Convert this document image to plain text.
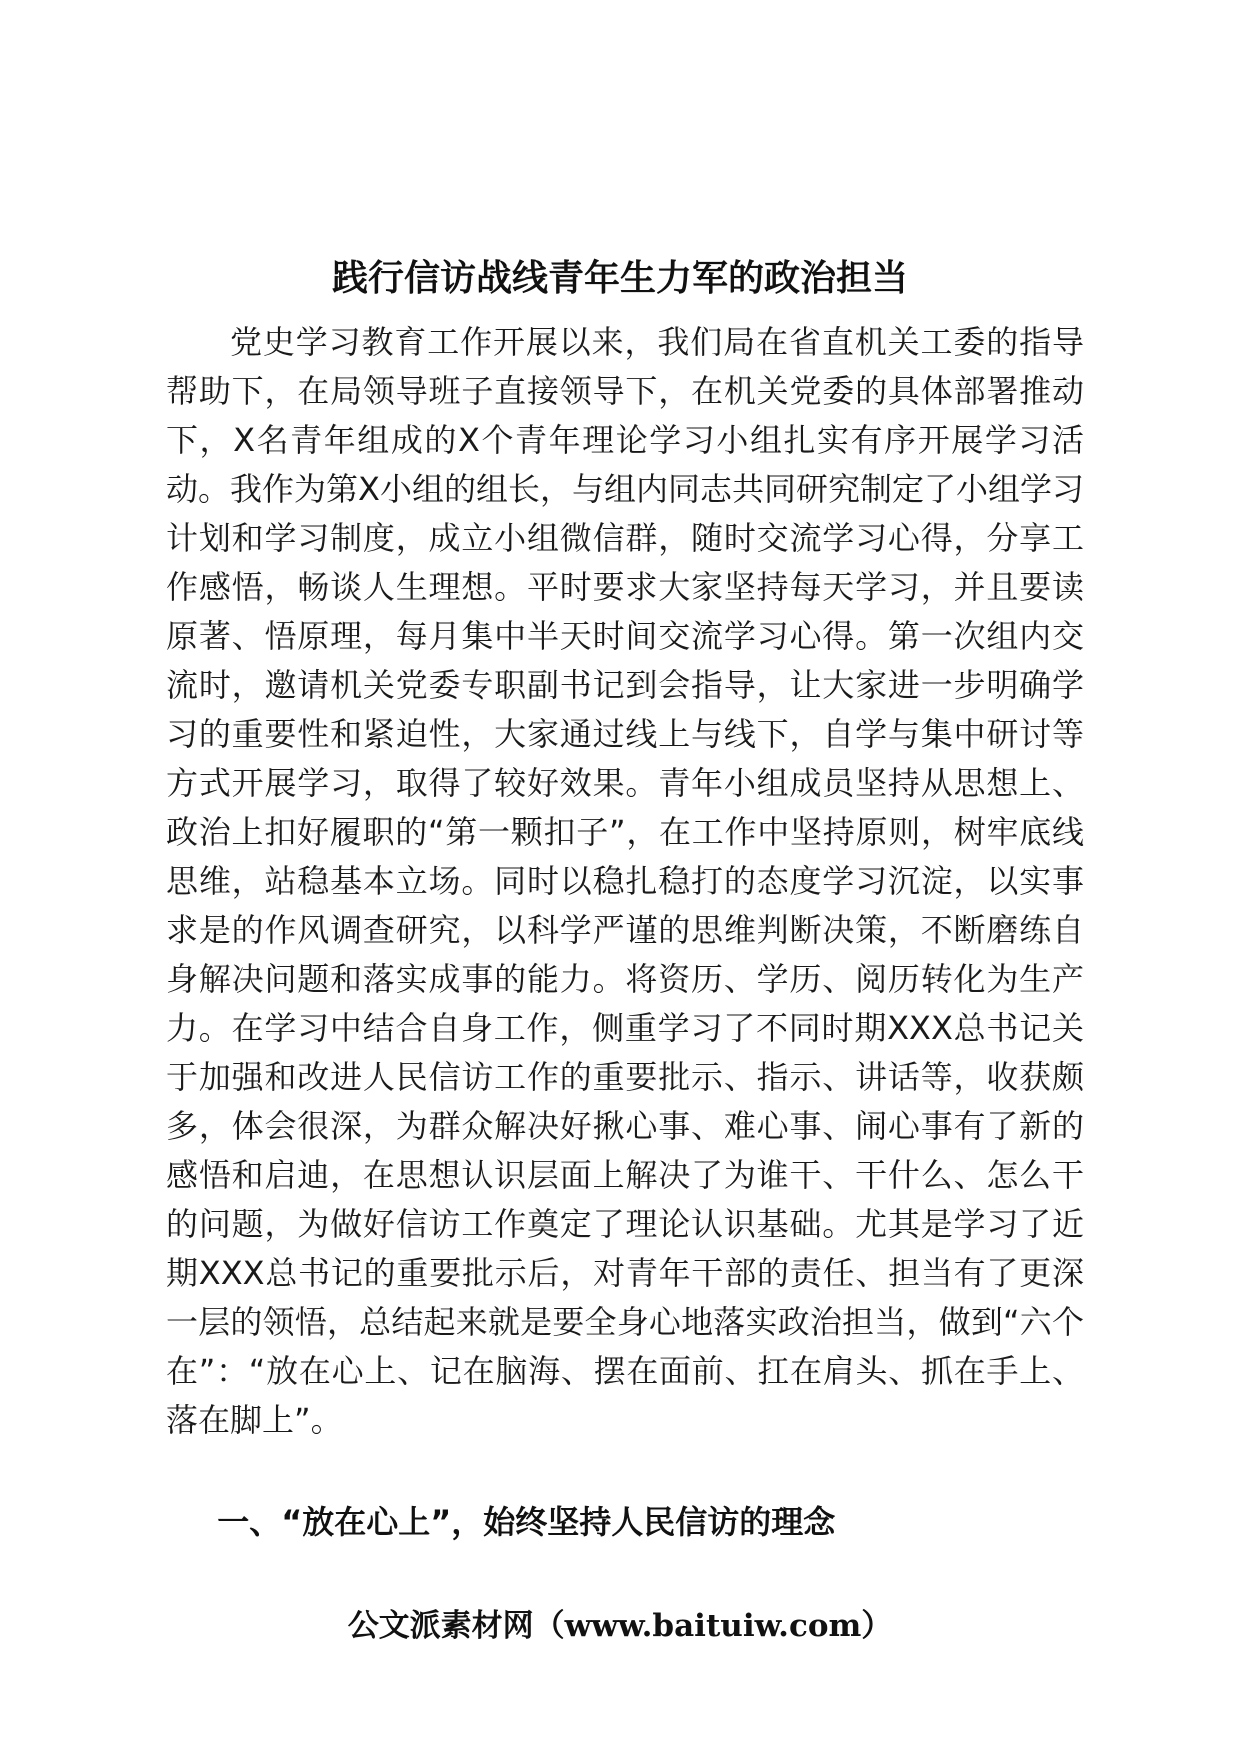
践行信访战线青年生力军的政治担当

党史学习教育工作开展以来，我们局在省直机关工委的指导帮助下，在局领导班子直接领导下，在机关党委的具体部署推动下，X名青年组成的X个青年理论学习小组扎实有序开展学习活动。我作为第X小组的组长，与组内同志共同研究制定了小组学习计划和学习制度，成立小组微信群，随时交流学习心得，分享工作感悟，畅谈人生理想。平时要求大家坚持每天学习，并且要读原著、悟原理，每月集中半天时间交流学习心得。第一次组内交流时，邀请机关党委专职副书记到会指导，让大家进一步明确学习的重要性和紧迫性，大家通过线上与线下，自学与集中研讨等方式开展学习，取得了较好效果。青年小组成员坚持从思想上、政治上扣好履职的“第一颗扣子”，在工作中坚持原则，树牢底线思维，站稳基本立场。同时以稳扎稳打的态度学习沉淀，以实事求是的作风调查研究，以科学严谨的思维判断决策，不断磨练自身解决问题和落实成事的能力。将资历、学历、阅历转化为生产力。在学习中结合自身工作，侧重学习了不同时期XXX总书记关于加强和改进人民信访工作的重要批示、指示、讲话等，收获颇多，体会很深，为群众解决好揪心事、难心事、闹心事有了新的感悟和启迪，在思想认识层面上解决了为谁干、干什么、怎么干的问题，为做好信访工作奠定了理论认识基础。尤其是学习了近期XXX总书记的重要批示后，对青年干部的责任、担当有了更深一层的领悟，总结起来就是要全身心地落实政治担当，做到“六个在”：“放在心上、记在脑海、摆在面前、扛在肩头、抓在手上、落在脚上”。

一、“放在心上”，始终坚持人民信访的理念
公文派素材网（www.baituiw.com）
